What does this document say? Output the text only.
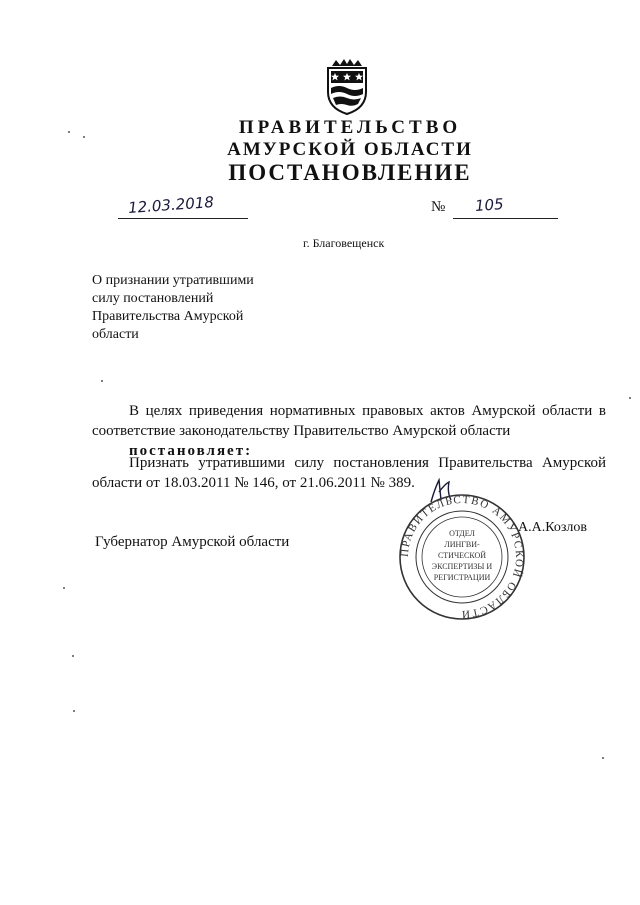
ПРАВИТЕЛЬСТВО
АМУРСКОЙ ОБЛАСТИ
ПОСТАНОВЛЕНИЕ
12.03.2018	№ 105
г. Благовещенск
О признании утратившими
силу постановлений
Правительства Амурской
области
В целях приведения нормативных правовых актов Амурской области в соответствие законодательству Правительство Амурской области
постановляет:
Признать утратившими силу постановления Правительства Амурской области от 18.03.2011 № 146, от 21.06.2011 № 389.
Губернатор Амурской области
ПРАВИТЕЛЬСТВО АМУРСКОЙ ОБЛАСТИ
ОТДЕЛ
ЛИНГВИ-
СТИЧЕСКОЙ
ЭКСПЕРТИЗЫ И
РЕГИСТРАЦИИ
А.А.Козлов
